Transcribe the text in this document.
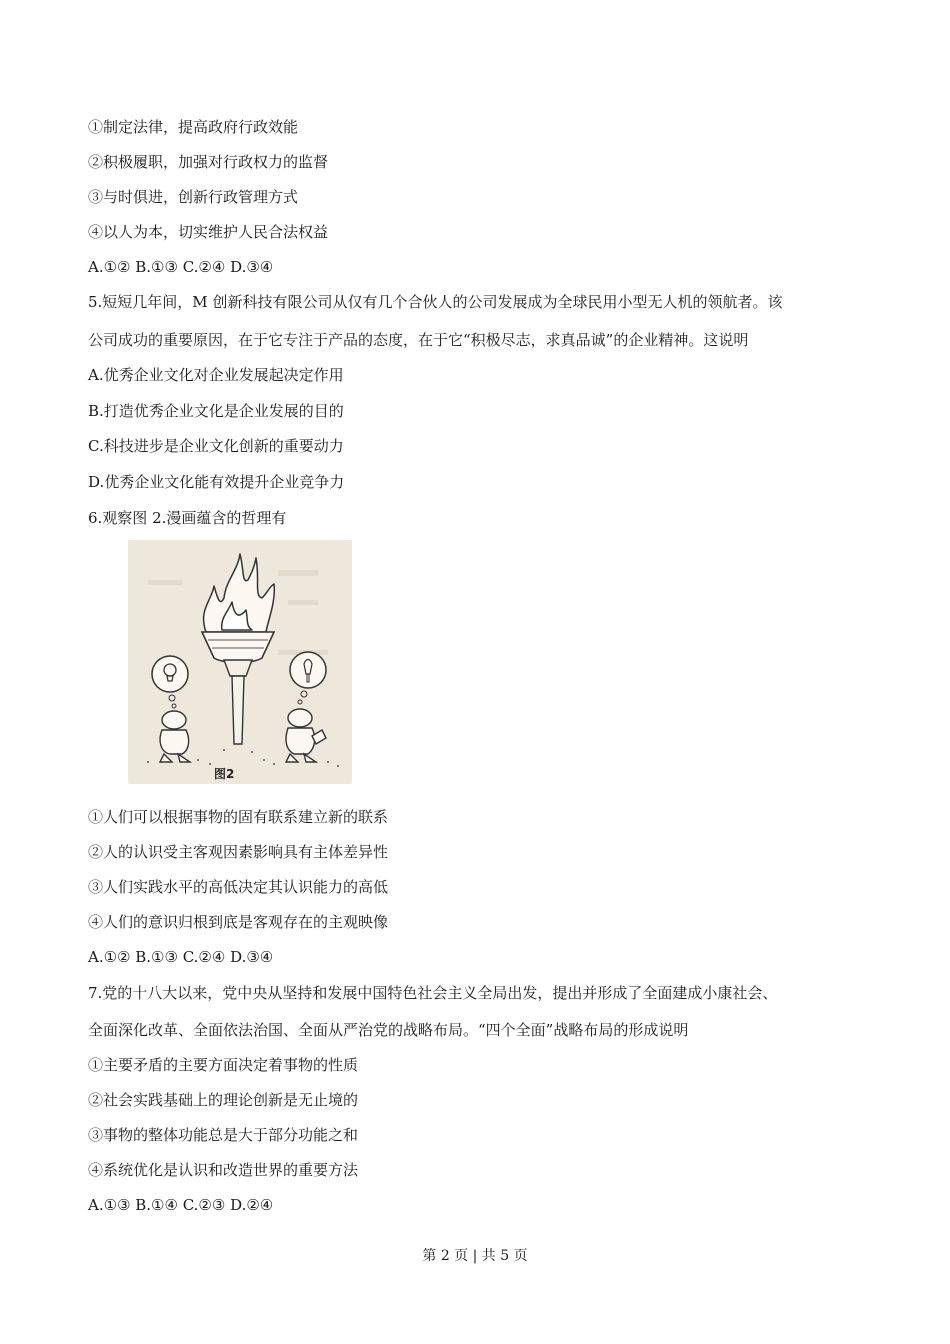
①制定法律，提高政府行政效能
②积极履职，加强对行政权力的监督
③与时俱进，创新行政管理方式
④以人为本，切实维护人民合法权益
A.①② B.①③ C.②④ D.③④
5.短短几年间，M 创新科技有限公司从仅有几个合伙人的公司发展成为全球民用小型无人机的领航者。该
公司成功的重要原因，在于它专注于产品的态度，在于它“积极尽志，求真品诚”的企业精神。这说明
A.优秀企业文化对企业发展起决定作用
B.打造优秀企业文化是企业发展的目的
C.科技进步是企业文化创新的重要动力
D.优秀企业文化能有效提升企业竞争力
6.观察图 2.漫画蕴含的哲理有
图2
①人们可以根据事物的固有联系建立新的联系
②人的认识受主客观因素影响具有主体差异性
③人们实践水平的高低决定其认识能力的高低
④人们的意识归根到底是客观存在的主观映像
A.①② B.①③ C.②④ D.③④
7.党的十八大以来，党中央从坚持和发展中国特色社会主义全局出发，提出并形成了全面建成小康社会、
全面深化改革、全面依法治国、全面从严治党的战略布局。“四个全面”战略布局的形成说明
①主要矛盾的主要方面决定着事物的性质
②社会实践基础上的理论创新是无止境的
③事物的整体功能总是大于部分功能之和
④系统优化是认识和改造世界的重要方法
A.①③ B.①④ C.②③ D.②④
第 2 页 | 共 5 页
